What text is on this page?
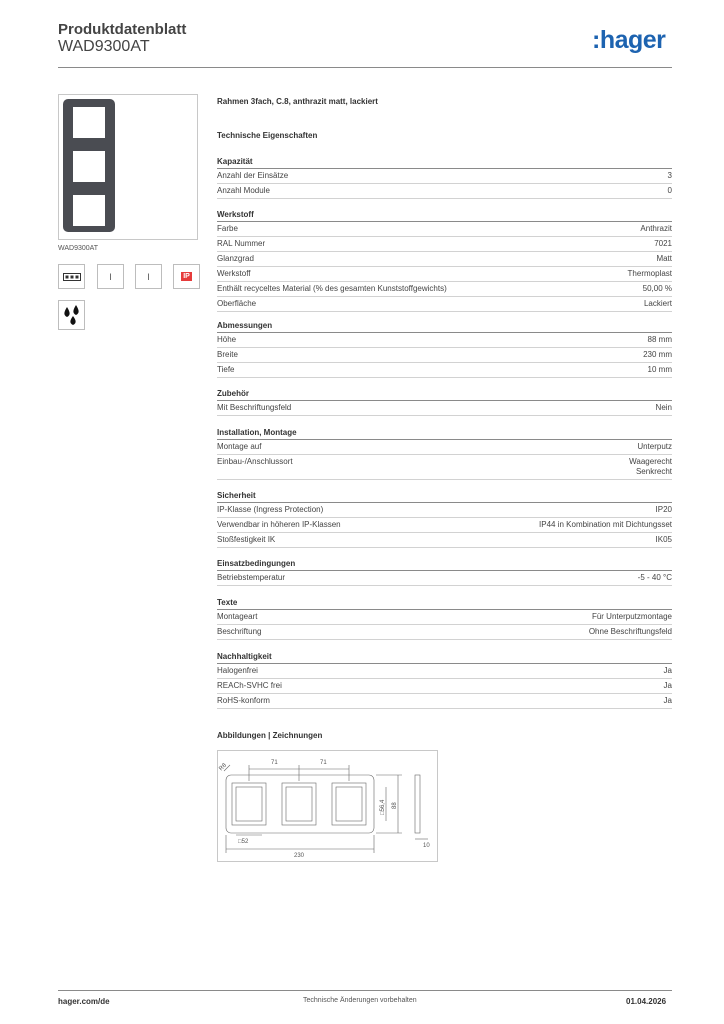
Produktdatenblatt
WAD9300AT	:hager
WAD9300AT
I	I	IP
Rahmen 3fach, C.8, anthrazit matt, lackiert
Technische Eigenschaften
Kapazität
Anzahl der Einsätze	3
Anzahl Module	0
Werkstoff
Farbe	Anthrazit
RAL Nummer	7021
Glanzgrad	Matt
Werkstoff	Thermoplast
Enthält recyceltes Material (% des gesamten Kunststoffgewichts)	50,00 %
Oberfläche	Lackiert
Abmessungen
Höhe	88 mm
Breite	230 mm
Tiefe	10 mm
Zubehör
Mit Beschriftungsfeld	Nein
Installation, Montage
Montage auf	Unterputz
Einbau-/Anschlussort	Waagerecht
Senkrecht
Sicherheit
IP-Klasse (Ingress Protection)	IP20
Verwendbar in höheren IP-Klassen	IP44 in Kombination mit Dichtungsset
Stoßfestigkeit IK	IK05
Einsatzbedingungen
Betriebstemperatur	-5 - 40 °C
Texte
Montageart	Für Unterputzmontage
Beschriftung	Ohne Beschriftungsfeld
Nachhaltigkeit
Halogenfrei	Ja
REACh-SVHC frei	Ja
RoHS-konform	Ja
Abbildungen | Zeichnungen
71	71
R8
□52
230
10
□56,4 88
hager.com/de	Technische Änderungen vorbehalten	01.04.2026
